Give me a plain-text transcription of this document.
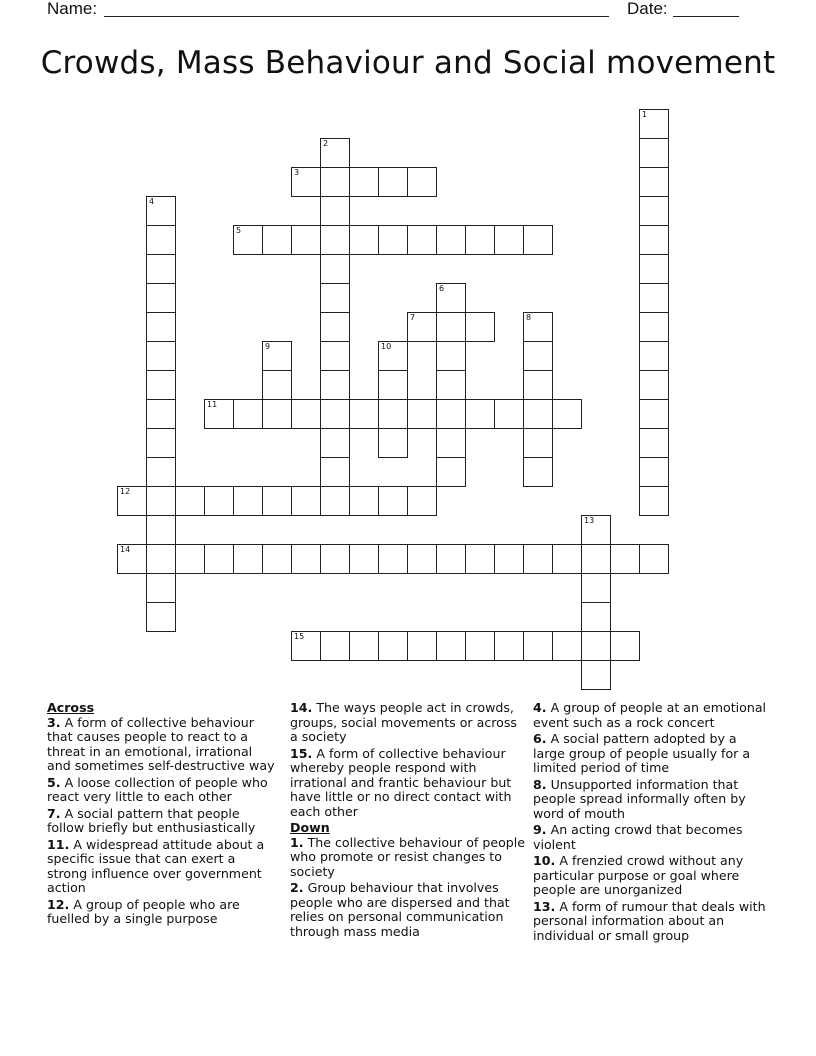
Name:	Date:
Crowds, Mass Behaviour and Social movement
1
2
3
4
5
6
7	8
9	10
11
12
13
14
15

Across

3. A form of collective behaviour that causes people to react to a threat in an emotional, irrational and sometimes self-destructive way

5. A loose collection of people who react very little to each other

7. A social pattern that people follow briefly but enthusiastically

11. A widespread attitude about a specific issue that can exert a strong influence over government action

12. A group of people who are fuelled by a single purpose

14. The ways people act in crowds, groups, social movements or across a society

15. A form of collective behaviour whereby people respond with irrational and frantic behaviour but have little or no direct contact with each other

Down

1. The collective behaviour of people who promote or resist changes to society

2. Group behaviour that involves people who are dispersed and that relies on personal communication through mass media

4. A group of people at an emotional event such as a rock concert

6. A social pattern adopted by a large group of people usually for a limited period of time

8. Unsupported information that people spread informally often by word of mouth

9. An acting crowd that becomes violent

10. A frenzied crowd without any particular purpose or goal where people are unorganized

13. A form of rumour that deals with personal information about an individual or small group
